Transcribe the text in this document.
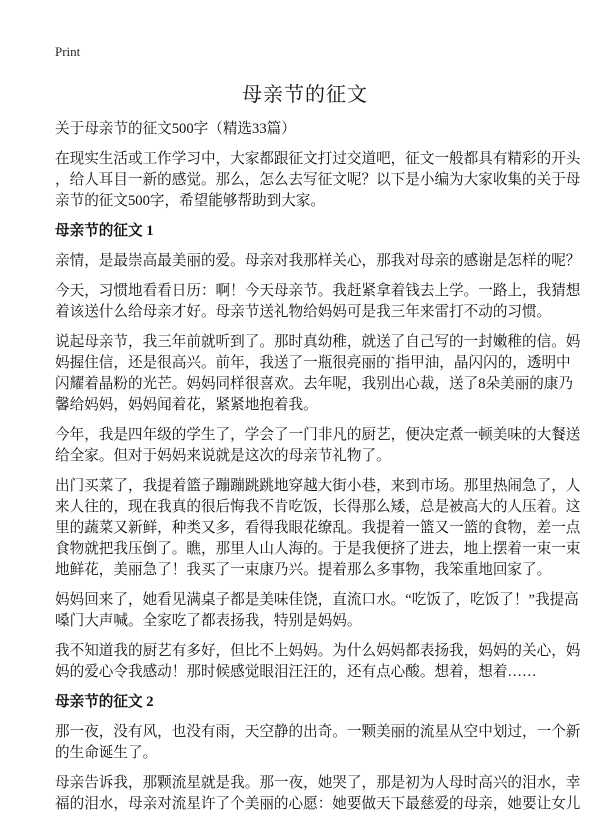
Print
母亲节的征文
关于母亲节的征文500字（精选33篇）
在现实生活或工作学习中，大家都跟征文打过交道吧，征文一般都具有精彩的开头
，给人耳目一新的感觉。那么，怎么去写征文呢？以下是小编为大家收集的关于母
亲节的征文500字，希望能够帮助到大家。
母亲节的征文 1
亲情，是最崇高最美丽的爱。母亲对我那样关心，那我对母亲的感谢是怎样的呢？
今天，习惯地看看日历：啊！今天母亲节。我赶紧拿着钱去上学。一路上，我猜想
着该送什么给母亲才好。母亲节送礼物给妈妈可是我三年来雷打不动的习惯。
说起母亲节，我三年前就听到了。那时真幼稚，就送了自己写的一封嫩稚的信。妈
妈握住信，还是很高兴。前年，我送了一瓶很亮丽的`指甲油，晶闪闪的，透明中
闪耀着晶粉的光芒。妈妈同样很喜欢。去年呢，我别出心裁，送了8朵美丽的康乃
馨给妈妈，妈妈闻着花，紧紧地抱着我。
今年，我是四年级的学生了，学会了一门非凡的厨艺，便决定煮一顿美味的大餐送
给全家。但对于妈妈来说就是这次的母亲节礼物了。
出门买菜了，我提着篮子蹦蹦跳跳地穿越大街小巷，来到市场。那里热闹急了，人
来人往的，现在我真的很后悔我不肯吃饭，长得那么矮，总是被高大的人压着。这
里的蔬菜又新鲜，种类又多，看得我眼花缭乱。我提着一篮又一篮的食物，差一点
食物就把我压倒了。瞧，那里人山人海的。于是我便挤了进去，地上摆着一束一束
地鲜花，美丽急了！我买了一束康乃兴。提着那么多事物，我笨重地回家了。
妈妈回来了，她看见满桌子都是美味佳饶，直流口水。“吃饭了，吃饭了！”我提高
嗓门大声喊。全家吃了都表扬我，特别是妈妈。
我不知道我的厨艺有多好，但比不上妈妈。为什么妈妈都表扬我，妈妈的关心，妈
妈的爱心令我感动！那时候感觉眼泪汪汪的，还有点心酸。想着，想着……
母亲节的征文 2
那一夜，没有风，也没有雨，天空静的出奇。一颗美丽的流星从空中划过，一个新
的生命诞生了。
母亲告诉我，那颗流星就是我。那一夜，她哭了，那是初为人母时高兴的泪水，幸
福的泪水，母亲对流星许了个美丽的心愿：她要做天下最慈爱的母亲，她要让女儿
